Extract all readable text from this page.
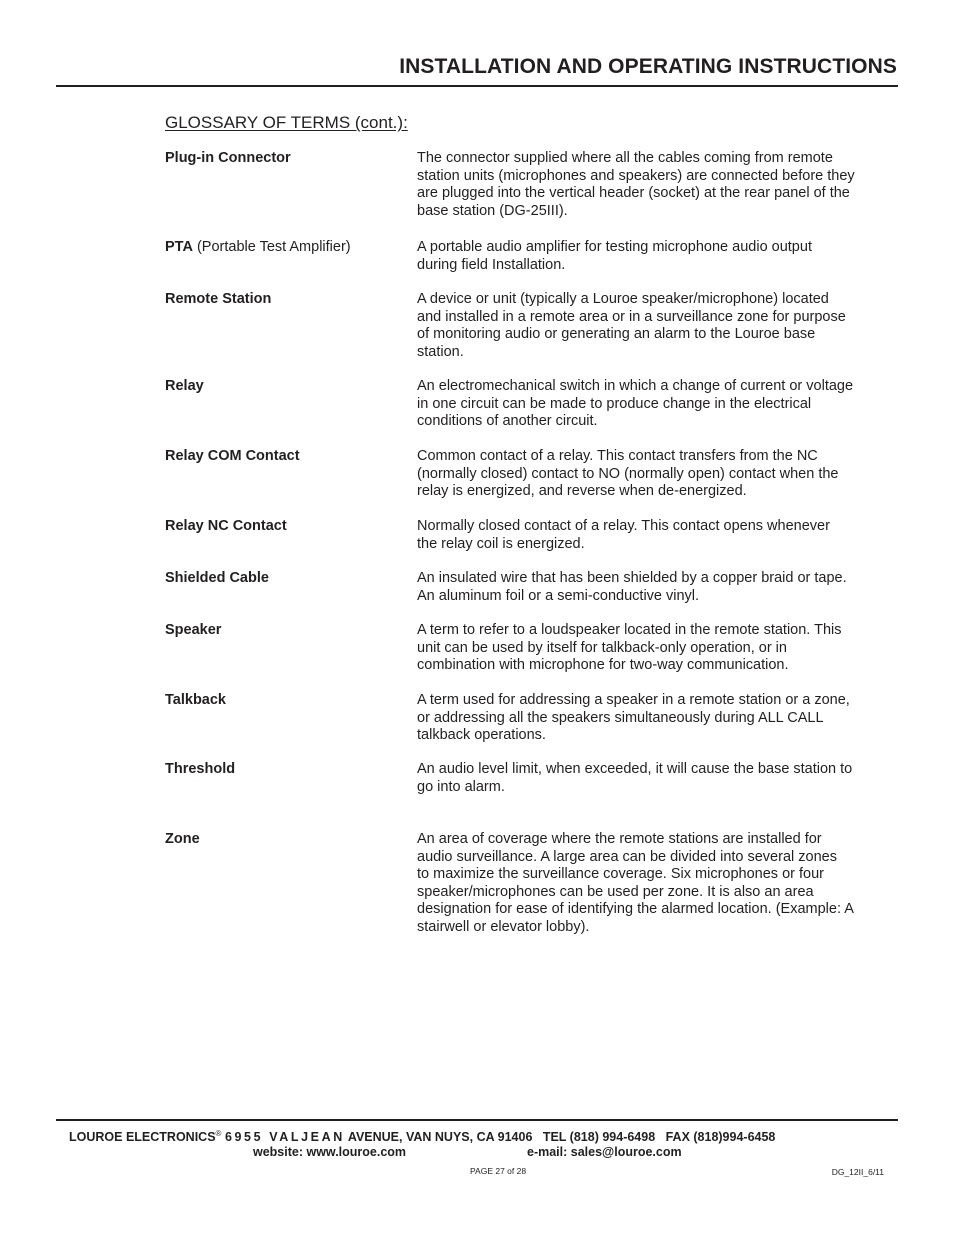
INSTALLATION AND OPERATING INSTRUCTIONS
GLOSSARY OF TERMS (cont.):
Plug-in Connector	The connector supplied where all the cables coming from remote
station units (microphones and speakers) are connected before they
are plugged into the vertical header (socket) at the rear panel of the
base station (DG-25III).
PTA (Portable Test Amplifier)	A portable audio amplifier for testing microphone audio output
during field Installation.
Remote Station	A device or unit (typically a Louroe speaker/microphone) located
and installed in a remote area or in a surveillance zone for purpose
of monitoring audio or generating an alarm to the Louroe base
station.
Relay	An electromechanical switch in which a change of current or voltage
in one circuit can be made to produce change in the electrical
conditions of another circuit.
Relay COM Contact	Common contact of a relay. This contact transfers from the NC
(normally closed) contact to NO (normally open) contact when the
relay is energized, and reverse when de-energized.
Relay NC Contact	Normally closed contact of a relay. This contact opens whenever
the relay coil is energized.
Shielded Cable	An insulated wire that has been shielded by a copper braid or tape.
An aluminum foil or a semi-conductive vinyl.
Speaker	A term to refer to a loudspeaker located in the remote station. This
unit can be used by itself for talkback-only operation, or in
combination with microphone for two-way communication.
Talkback	A term used for addressing a speaker in a remote station or a zone,
or addressing all the speakers simultaneously during ALL CALL
talkback operations.
Threshold	An audio level limit, when exceeded, it will cause the base station to
go into alarm.
Zone	An area of coverage where the remote stations are installed for
audio surveillance. A large area can be divided into several zones
to maximize the surveillance coverage. Six microphones or four
speaker/microphones can be used per zone. It is also an area
designation for ease of identifying the alarmed location. (Example: A
stairwell or elevator lobby).
LOUROE ELECTRONICS® 6955 VALJEAN AVENUE, VAN NUYS, CA 91406 TEL (818) 994-6498 FAX (818)994-6458
website: www.louroe.com	e-mail: sales@louroe.com
PAGE 27 of 28	DG_12II_6/11
